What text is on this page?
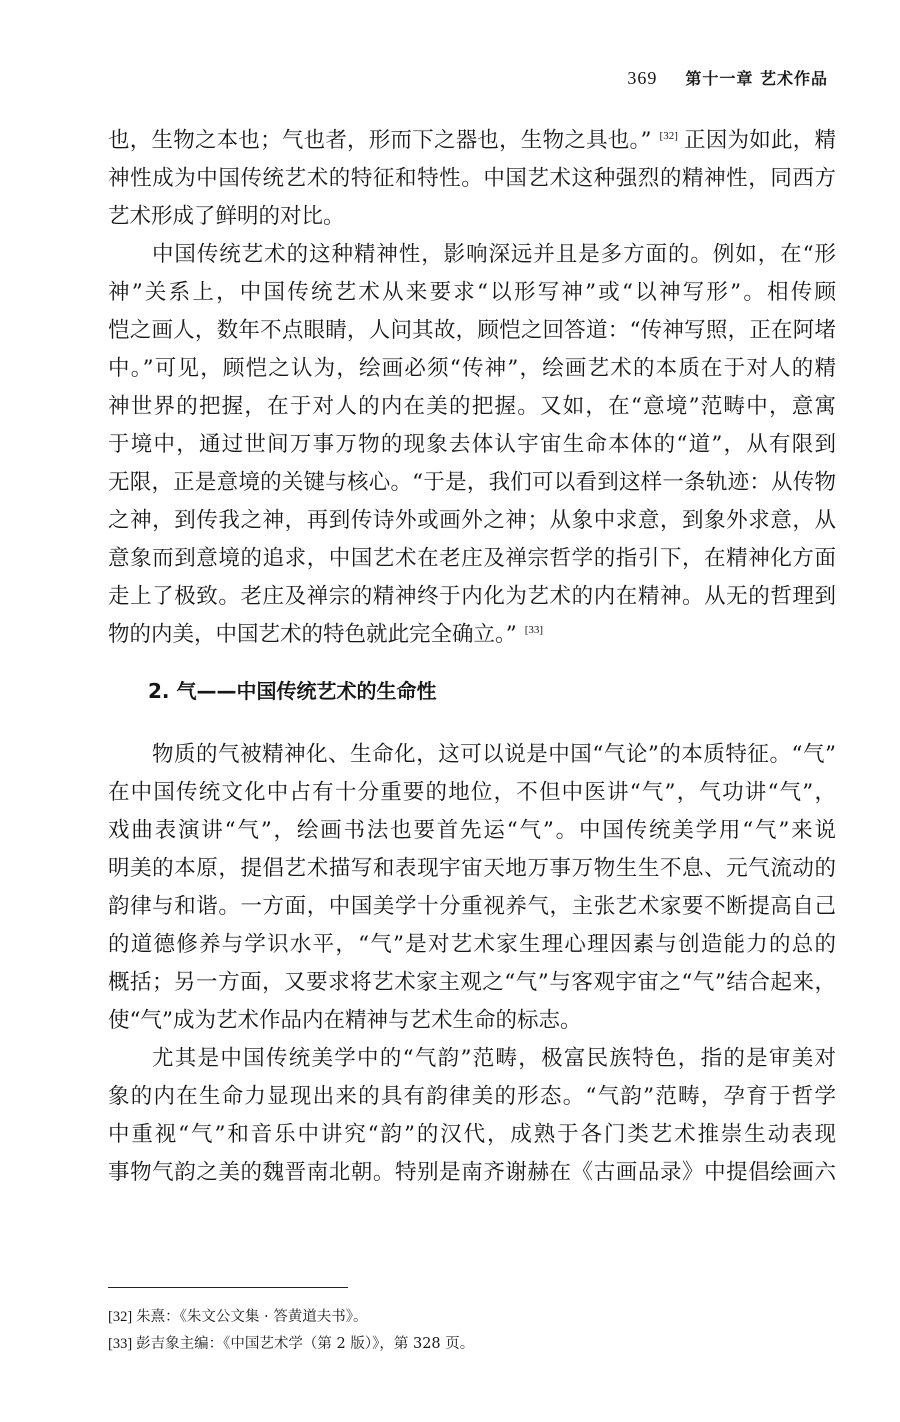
369 第十一章 艺术作品
也，生物之本也；气也者，形而下之器也，生物之具也。” [32] 正因为如此，精
神性成为中国传统艺术的特征和特性。中国艺术这种强烈的精神性，同西方
艺术形成了鲜明的对比。
中国传统艺术的这种精神性，影响深远并且是多方面的。例如，在“形
神”关系上，中国传统艺术从来要求“以形写神”或“以神写形”。相传顾
恺之画人，数年不点眼睛，人问其故，顾恺之回答道：“传神写照，正在阿堵
中。”可见，顾恺之认为，绘画必须“传神”，绘画艺术的本质在于对人的精
神世界的把握，在于对人的内在美的把握。又如，在“意境”范畴中，意寓
于境中，通过世间万事万物的现象去体认宇宙生命本体的“道”，从有限到
无限，正是意境的关键与核心。“于是，我们可以看到这样一条轨迹：从传物
之神，到传我之神，再到传诗外或画外之神；从象中求意，到象外求意，从
意象而到意境的追求，中国艺术在老庄及禅宗哲学的指引下，在精神化方面
走上了极致。老庄及禅宗的精神终于内化为艺术的内在精神。从无的哲理到
物的内美，中国艺术的特色就此完全确立。” [33]
2. 气——中国传统艺术的生命性
物质的气被精神化、生命化，这可以说是中国“气论”的本质特征。“气”
在中国传统文化中占有十分重要的地位，不但中医讲“气”，气功讲“气”，
戏曲表演讲“气”，绘画书法也要首先运“气”。中国传统美学用“气”来说
明美的本原，提倡艺术描写和表现宇宙天地万事万物生生不息、元气流动的
韵律与和谐。一方面，中国美学十分重视养气，主张艺术家要不断提高自己
的道德修养与学识水平，“气”是对艺术家生理心理因素与创造能力的总的
概括；另一方面，又要求将艺术家主观之“气”与客观宇宙之“气”结合起来，
使“气”成为艺术作品内在精神与艺术生命的标志。
尤其是中国传统美学中的“气韵”范畴，极富民族特色，指的是审美对
象的内在生命力显现出来的具有韵律美的形态。“气韵”范畴，孕育于哲学
中重视“气”和音乐中讲究“韵”的汉代，成熟于各门类艺术推崇生动表现
事物气韵之美的魏晋南北朝。特别是南齐谢赫在《古画品录》中提倡绘画六
[32] 朱熹：《朱文公文集 · 答黄道夫书》。
[33] 彭吉象主编：《中国艺术学（第 2 版）》，第 328 页。
